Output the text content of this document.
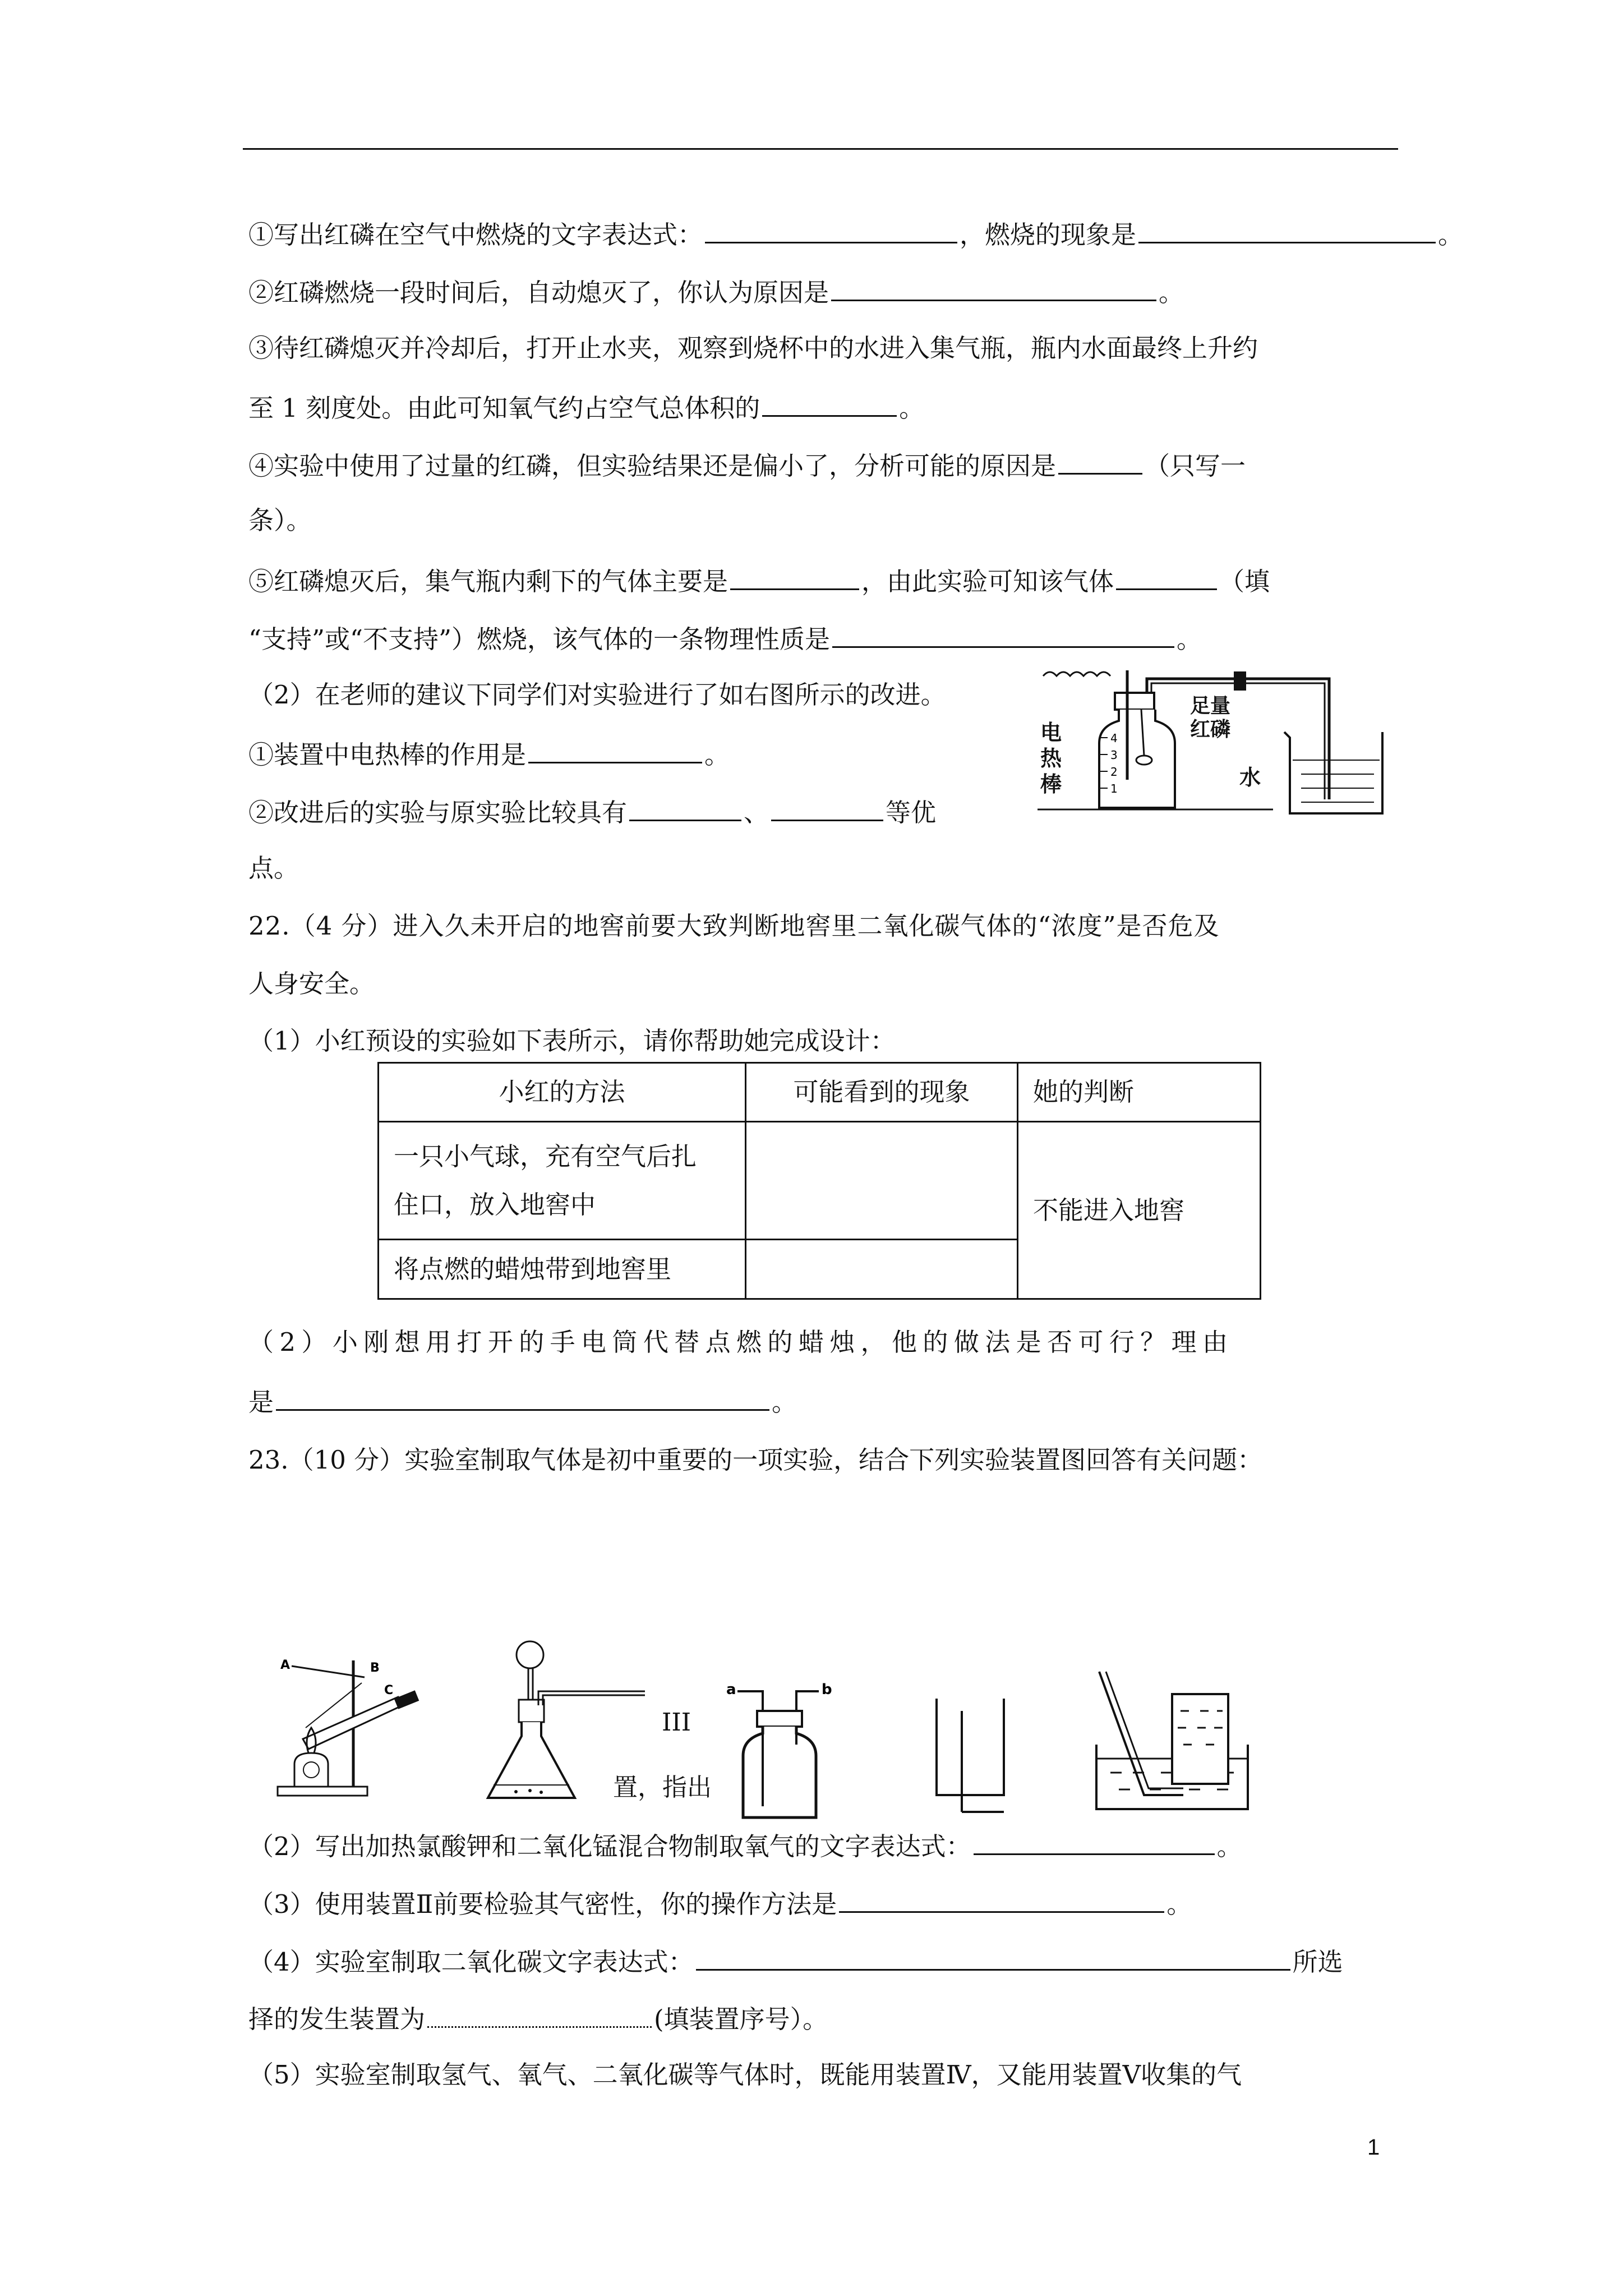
①写出红磷在空气中燃烧的文字表达式：	，燃烧的现象是	。
②红磷燃烧一段时间后，自动熄灭了，你认为原因是	。
③待红磷熄灭并冷却后，打开止水夹，观察到烧杯中的水进入集气瓶，瓶内水面最终上升约
至 1 刻度处。由此可知氧气约占空气总体积的	。
④实验中使用了过量的红磷，但实验结果还是偏小了，分析可能的原因是	（只写一
条）。
⑤红磷熄灭后，集气瓶内剩下的气体主要是	，由此实验可知该气体	（填
“支持”或“不支持”）燃烧，该气体的一条物理性质是	。
（2）在老师的建议下同学们对实验进行了如右图所示的改进。
①装置中电热棒的作用是	。
②改进后的实验与原实验比较具有	、	等优
点。
4
3
2
1
电热棒
足量红磷
水
22.（4 分）进入久未开启的地窖前要大致判断地窖里二氧化碳气体的“浓度”是否危及
人身安全。
（1）小红预设的实验如下表所示，请你帮助她完成设计：
小红的方法	可能看到的现象	她的判断

一只小气球，充有空气后扎
住口，放入地窖中		不能进入地窖
将点燃的蜡烛带到地窖里		
（2）小刚想用打开的手电筒代替点燃的蜡烛，他的做法是否可行？理由
是	。
23.（10 分）实验室制取气体是初中重要的一项实验，结合下列实验装置图回答有关问题：
A	B
C
III
置，指出
a	b
（2）写出加热氯酸钾和二氧化锰混合物制取氧气的文字表达式：	。
（3）使用装置Ⅱ前要检验其气密性，你的操作方法是	。
（4）实验室制取二氧化碳文字表达式：	所选
择的发生装置为	(填装置序号）。
（5）实验室制取氢气、氧气、二氧化碳等气体时，既能用装置Ⅳ，又能用装置Ⅴ收集的气
1
